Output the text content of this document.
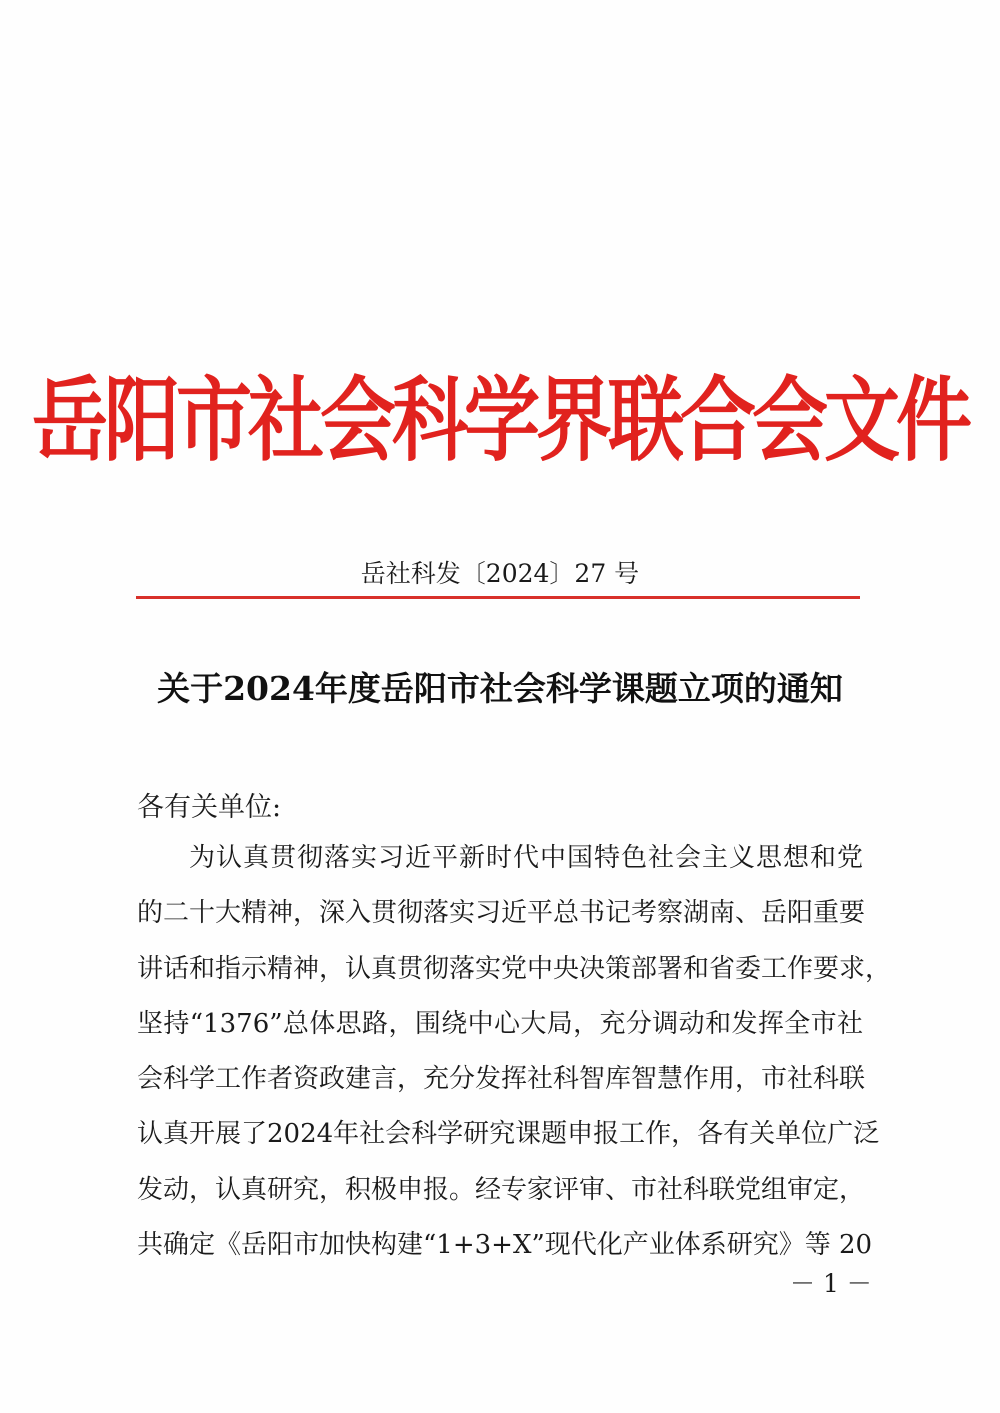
岳阳市社会科学界联合会文件
岳社科发〔2024〕27 号
关于2024年度岳阳市社会科学课题立项的通知
各有关单位:
为认真贯彻落实习近平新时代中国特色社会主义思想和党
的二十大精神，深入贯彻落实习近平总书记考察湖南、岳阳重要
讲话和指示精神，认真贯彻落实党中央决策部署和省委工作要求，
坚持“1376”总体思路，围绕中心大局，充分调动和发挥全市社
会科学工作者资政建言，充分发挥社科智库智慧作用，市社科联
认真开展了2024年社会科学研究课题申报工作，各有关单位广泛
发动，认真研究，积极申报。经专家评审、市社科联党组审定，
共确定《岳阳市加快构建“1+3+X”现代化产业体系研究》等 20
－ 1 －
